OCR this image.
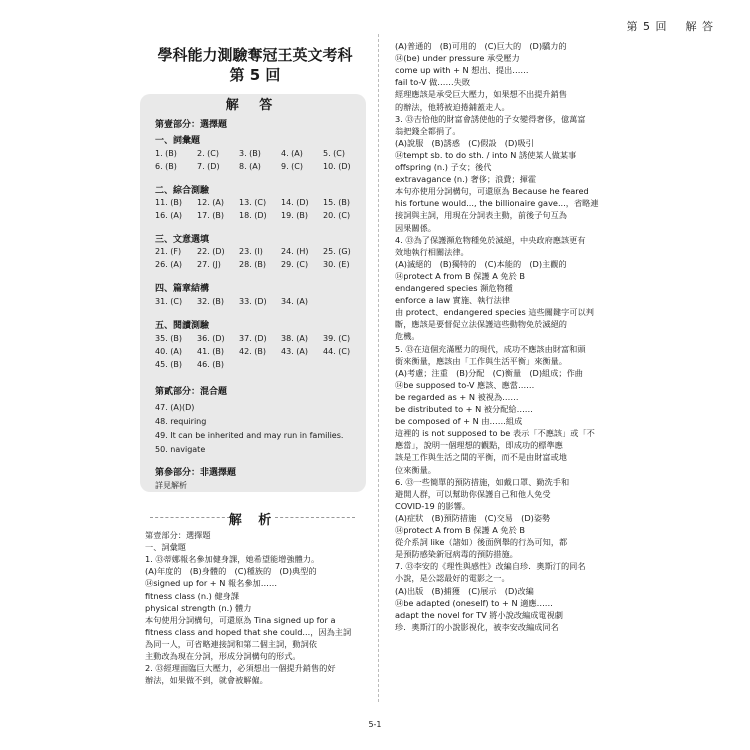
第 5 回 解 答
學科能力測驗奪冠王英文考科
第 5 回
解 答
第壹部分：選擇題
一、詞彙題
1. (B)	2. (C) 3. (B)	4. (A)	5. (C)
6. (B)	7. (D) 8. (A)	9. (C) 10. (D)
二、綜合測驗
11. (B) 12. (A) 13. (C) 14. (D) 15. (B)
16. (A) 17. (B) 18. (D) 19. (B) 20. (C)
三、文意選填
21. (F) 22. (D) 23. (I) 24. (H) 25. (G)
26. (A) 27. (J) 28. (B) 29. (C) 30. (E)
四、篇章結構
31. (C) 32. (B) 33. (D) 34. (A)
五、閱讀測驗
35. (B) 36. (D) 37. (D) 38. (A) 39. (C)
40. (A) 41. (B) 42. (B) 43. (A) 44. (C)
45. (B) 46. (B)
第貳部分：混合題
47. (A)(D)
48. requiring
49. It can be inherited and may run in families.
50. navigate
第參部分：非選擇題
詳見解析
解 析
第壹部分：選擇題
一、詞彙題
1. ⑬蒂娜報名參加健身課，她希望能增強體力。
(A)年度的　(B)身體的　(C)種族的　(D)典型的
⑭signed up for + N 報名參加……
fitness class (n.) 健身課
physical strength (n.) 體力
本句使用分詞構句，可還原為 Tina signed up for a
fitness class and hoped that she could...，因為主詞
為同一人，可省略連接詞和第二個主詞，動詞依
主動改為現在分詞，形成分詞構句的形式。
2. ⑬經理面臨巨大壓力，必須想出一個提升銷售的好
辦法，如果做不到，就會被解僱。
(A)普通的　(B)可用的　(C)巨大的　(D)驕力的
⑭(be) under pressure 承受壓力
come up with + N 想出、提出……
fail to-V 做……失敗
經理應該是承受巨大壓力，如果想不出提升銷售
的辦法，他將被迫捲鋪蓋走人。
3. ⑬吉恰他的財富會誘使他的子女變得奢侈，億萬富
翁把錢全都捐了。
(A)說服　(B)誘惑　(C)假設　(D)吸引
⑭tempt sb. to do sth. / into N 誘使某人做某事
offspring (n.) 子女；後代
extravagance (n.) 奢侈；浪費；揮霍
本句亦使用分詞構句，可還原為 Because he feared
his fortune would..., the billionaire gave...，省略連
接詞與主詞，用現在分詞表主動，前後子句互為
因果關係。
4. ⑬為了保護瀕危物種免於滅絕，中央政府應該更有
效地執行相關法律。
(A)滅絕的　(B)獨特的　(C)本能的　(D)主觀的
⑭protect A from B 保護 A 免於 B
endangered species 瀕危物種
enforce a law 實施、執行法律
由 protect、endangered species 這些關鍵字可以判
斷，應該是要督促立法保護這些動物免於滅絕的
危機。
5. ⑬在這個充滿壓力的現代，成功不應該由財富和頭
銜來衡量，應該由「工作與生活平衡」來衡量。
(A)考慮；注重　(B)分配　(C)衡量　(D)組成；作曲
⑭be supposed to-V 應該、應當……
be regarded as + N 被視為……
be distributed to + N 被分配給……
be composed of + N 由……組成
這裡的 is not supposed to be 表示「不應該」或「不
應當」，說明一個理想的觀點，即成功的標準應
該是工作與生活之間的平衡，而不是由財富或地
位來衡量。
6. ⑬一些簡單的預防措施，如戴口罩、勤洗手和
避開人群，可以幫助你保護自己和他人免受
COVID-19 的影響。
(A)症狀　(B)預防措施　(C)交易　(D)姿勢
⑭protect A from B 保護 A 免於 B
從介系詞 like（諸如）後面例舉的行為可知，都
是預防感染新冠病毒的預防措施。
7. ⑬李安的《理性與感性》改編自珍．奧斯汀的同名
小說，是公認最好的電影之一。
(A)出版　(B)捕獲　(C)展示　(D)改編
⑭be adapted (oneself) to + N 適應……
adapt the novel for TV 將小說改編成電視劇
珍．奧斯汀的小說影視化，被李安改編成同名
5-1
